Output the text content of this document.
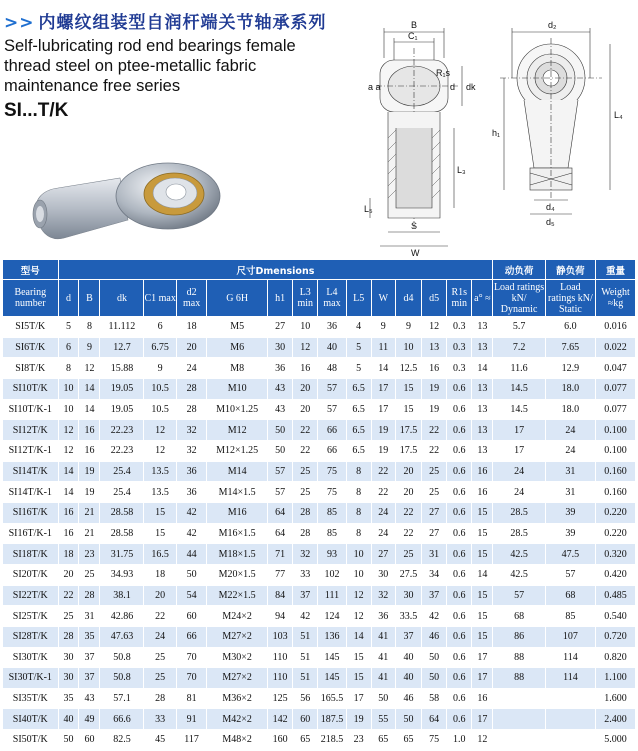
>> 内螺纹组装型自润杆端关节轴承系列
Self-lubricating rod end bearings female
thread steel on ptee-metallic fabric
maintenance free series
SI...T/K
B
C₁
R₁s
a a	d dk
L₃
L₅
S
W
d₂
h₁
L₄
d₄
d₅
型号	尺寸Dmensions															动负荷	静负荷	重量
Bearing number	d	B	dk	C1 max	d2 max	G 6H	h1	L3 min	L4 max	L5	W	d4	d5	R1s min	a° ≈	Load ratings kN/ Dynamic	Load ratings kN/ Static	Weight ≈kg
SI5T/K	5	8	11.112	6	18	M5	27	10	36	4	9	9	12	0.3	13	5.7	6.0	0.016
SI6T/K	6	9	12.7	6.75	20	M6	30	12	40	5	11	10	13	0.3	13	7.2	7.65	0.022
SI8T/K	8	12	15.88	9	24	M8	36	16	48	5	14	12.5	16	0.3	14	11.6	12.9	0.047
SI10T/K	10	14	19.05	10.5	28	M10	43	20	57	6.5	17	15	19	0.6	13	14.5	18.0	0.077
SI10T/K-1	10	14	19.05	10.5	28	M10×1.25	43	20	57	6.5	17	15	19	0.6	13	14.5	18.0	0.077
SI12T/K	12	16	22.23	12	32	M12	50	22	66	6.5	19	17.5	22	0.6	13	17	24	0.100
SI12T/K-1	12	16	22.23	12	32	M12×1.25	50	22	66	6.5	19	17.5	22	0.6	13	17	24	0.100
SI14T/K	14	19	25.4	13.5	36	M14	57	25	75	8	22	20	25	0.6	16	24	31	0.160
SI14T/K-1	14	19	25.4	13.5	36	M14×1.5	57	25	75	8	22	20	25	0.6	16	24	31	0.160
SI16T/K	16	21	28.58	15	42	M16	64	28	85	8	24	22	27	0.6	15	28.5	39	0.220
SI16T/K-1	16	21	28.58	15	42	M16×1.5	64	28	85	8	24	22	27	0.6	15	28.5	39	0.220
SI18T/K	18	23	31.75	16.5	44	M18×1.5	71	32	93	10	27	25	31	0.6	15	42.5	47.5	0.320
SI20T/K	20	25	34.93	18	50	M20×1.5	77	33	102	10	30	27.5	34	0.6	14	42.5	57	0.420
SI22T/K	22	28	38.1	20	54	M22×1.5	84	37	111	12	32	30	37	0.6	15	57	68	0.485
SI25T/K	25	31	42.86	22	60	M24×2	94	42	124	12	36	33.5	42	0.6	15	68	85	0.540
SI28T/K	28	35	47.63	24	66	M27×2	103	51	136	14	41	37	46	0.6	15	86	107	0.720
SI30T/K	30	37	50.8	25	70	M30×2	110	51	145	15	41	40	50	0.6	17	88	114	0.820
SI30T/K-1	30	37	50.8	25	70	M27×2	110	51	145	15	41	40	50	0.6	17	88	114	1.100
SI35T/K	35	43	57.1	28	81	M36×2	125	56	165.5	17	50	46	58	0.6	16			1.600
SI40T/K	40	49	66.6	33	91	M42×2	142	60	187.5	19	55	50	64	0.6	17			2.400
SI50T/K	50	60	82.5	45	117	M48×2	160	65	218.5	23	65	65	75	1.0	12			5.000
